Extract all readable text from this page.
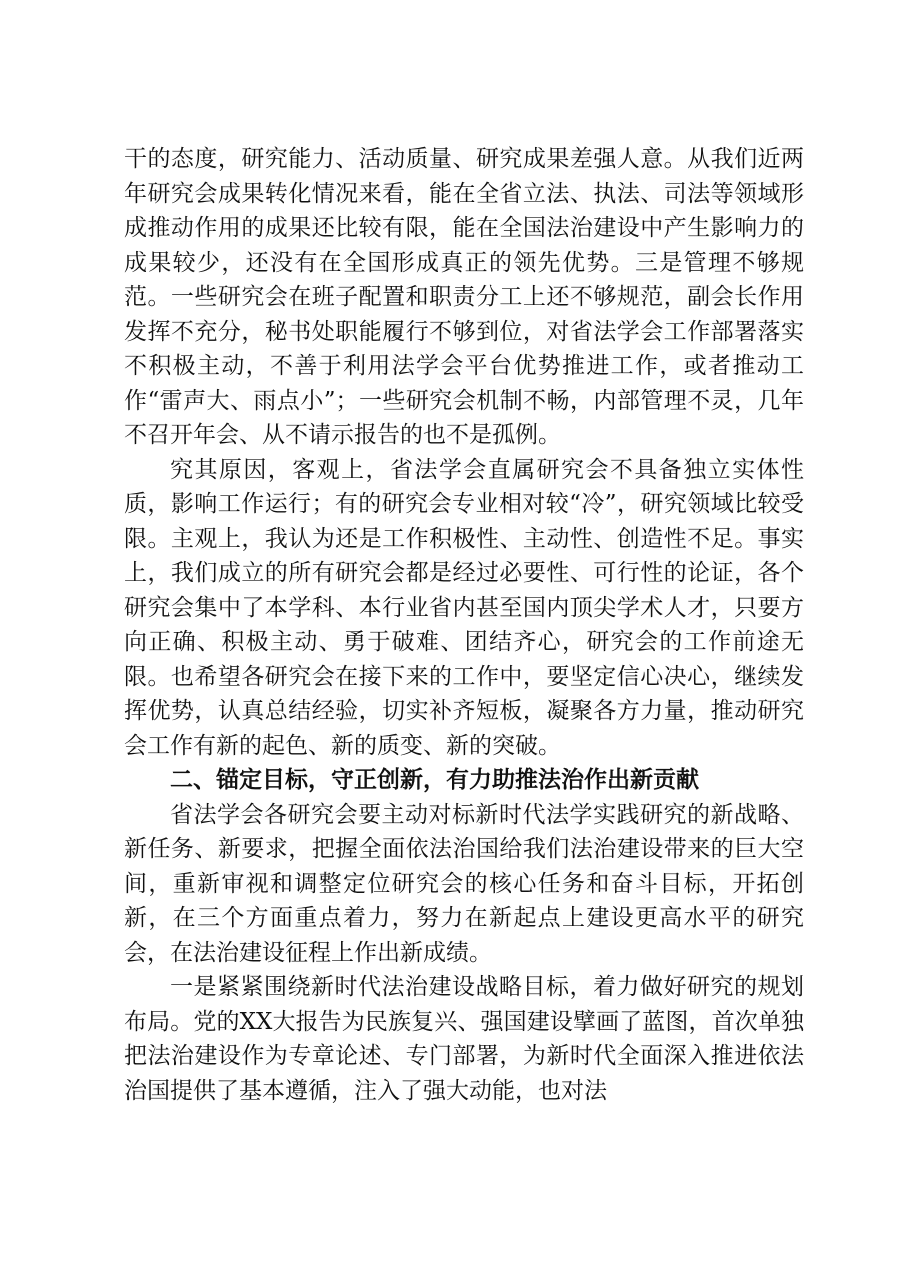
干的态度，研究能力、活动质量、研究成果差强人意。从我们近两年研究会成果转化情况来看，能在全省立法、执法、司法等领域形成推动作用的成果还比较有限，能在全国法治建设中产生影响力的成果较少，还没有在全国形成真正的领先优势。三是管理不够规范。一些研究会在班子配置和职责分工上还不够规范，副会长作用发挥不充分，秘书处职能履行不够到位，对省法学会工作部署落实不积极主动，不善于利用法学会平台优势推进工作，或者推动工作“雷声大、雨点小”；一些研究会机制不畅，内部管理不灵，几年不召开年会、从不请示报告的也不是孤例。

究其原因，客观上，省法学会直属研究会不具备独立实体性质，影响工作运行；有的研究会专业相对较“冷”，研究领域比较受限。主观上，我认为还是工作积极性、主动性、创造性不足。事实上，我们成立的所有研究会都是经过必要性、可行性的论证，各个研究会集中了本学科、本行业省内甚至国内顶尖学术人才，只要方向正确、积极主动、勇于破难、团结齐心，研究会的工作前途无限。也希望各研究会在接下来的工作中，要坚定信心决心，继续发挥优势，认真总结经验，切实补齐短板，凝聚各方力量，推动研究会工作有新的起色、新的质变、新的突破。

二、锚定目标，守正创新，有力助推法治作出新贡献

省法学会各研究会要主动对标新时代法学实践研究的新战略、新任务、新要求，把握全面依法治国给我们法治建设带来的巨大空间，重新审视和调整定位研究会的核心任务和奋斗目标，开拓创新，在三个方面重点着力，努力在新起点上建设更高水平的研究会，在法治建设征程上作出新成绩。

一是紧紧围绕新时代法治建设战略目标，着力做好研究的规划布局。党的XX大报告为民族复兴、强国建设擘画了蓝图，首次单独把法治建设作为专章论述、专门部署，为新时代全面深入推进依法治国提供了基本遵循，注入了强大动能，也对法
